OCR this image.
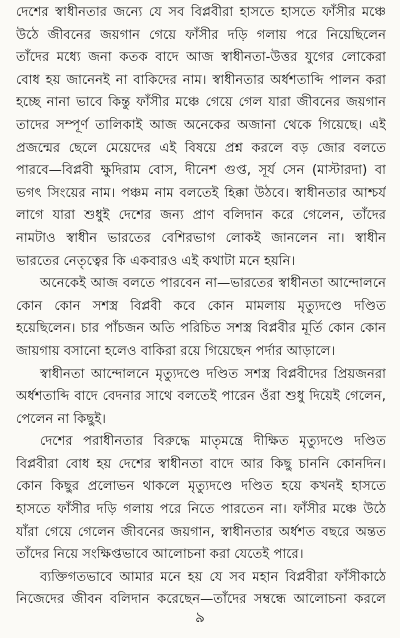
দেশের স্বাধীনতার জন্যে যে সব বিপ্লবীরা হাসতে হাসতে ফাঁসীর মঞ্চে
উঠে জীবনের জয়গান গেয়ে ফাঁসীর দড়ি গলায় পরে নিয়েছিলেন
তাঁদের মধ্যে জনা কতক বাদে আজ স্বাধীনতা-উত্তর যুগের লোকেরা
বোধ হয় জানেনই না বাকিদের নাম। স্বাধীনতার অর্ধশতাব্দি পালন করা
হচ্ছে নানা ভাবে কিন্তু ফাঁসীর মঞ্চে গেয়ে গেল যারা জীবনের জয়গান
তাদের সম্পূর্ণ তালিকাই আজ অনেকের অজানা থেকে গিয়েছে। এই
প্রজন্মের ছেলে মেয়েদের এই বিষয়ে প্রশ্ন করলে বড় জোর বলতে
পারবে—বিপ্লবী ক্ষুদিরাম বোস, দীনেশ গুপ্ত, সূর্য সেন (মাস্টারদা) বা
ভগৎ সিংয়ের নাম। পঞ্চম নাম বলতেই হিক্কা উঠবে। স্বাধীনতার আশ্চর্য
লাগে যারা শুধুই দেশের জন্য প্রাণ বলিদান করে গেলেন, তাঁদের
নামটাও স্বাধীন ভারতের বেশিরভাগ লোকই জানলেন না। স্বাধীন
ভারতের নেতৃত্বের কি একবারও এই কথাটা মনে হয়নি।
অনেকেই আজ বলতে পারবেন না—ভারতের স্বাধীনতা আন্দোলনে
কোন কোন সশস্ত্র বিপ্লবী কবে কোন মামলায় মৃত্যুদণ্ডে দণ্ডিত
হয়েছিলেন। চার পাঁচজন অতি পরিচিত সশস্ত্র বিপ্লবীর মূর্তি কোন কোন
জায়গায় বসানো হলেও বাকিরা রয়ে গিয়েছেন পর্দার আড়ালে।
স্বাধীনতা আন্দোলনে মৃত্যুদণ্ডে দণ্ডিত সশস্ত্র বিপ্লবীদের প্রিয়জনরা
অর্ধশতাব্দি বাদে বেদনার সাথে বলতেই পারেন ওঁরা শুধু দিয়েই গেলেন,
পেলেন না কিছুই।
দেশের পরাধীনতার বিরুদ্ধে মাতৃমন্ত্রে দীক্ষিত মৃত্যুদণ্ডে দণ্ডিত
বিপ্লবীরা বোধ হয় দেশের স্বাধীনতা বাদে আর কিছু চাননি কোনদিন।
কোন কিছুর প্রলোভন থাকলে মৃত্যুদণ্ডে দণ্ডিত হয়ে কখনই হাসতে
হাসতে ফাঁসীর দড়ি গলায় পরে নিতে পারতেন না। ফাঁসীর মঞ্চে উঠে
যাঁরা গেয়ে গেলেন জীবনের জয়গান, স্বাধীনতার অর্ধশত বছরে অন্তত
তাঁদের নিয়ে সংক্ষিপ্তভাবে আলোচনা করা যেতেই পারে।
ব্যক্তিগতভাবে আমার মনে হয় যে সব মহান বিপ্লবীরা ফাঁসীকাঠে
নিজেদের জীবন বলিদান করেছেন—তাঁদের সম্বন্ধে আলোচনা করলে
৯
